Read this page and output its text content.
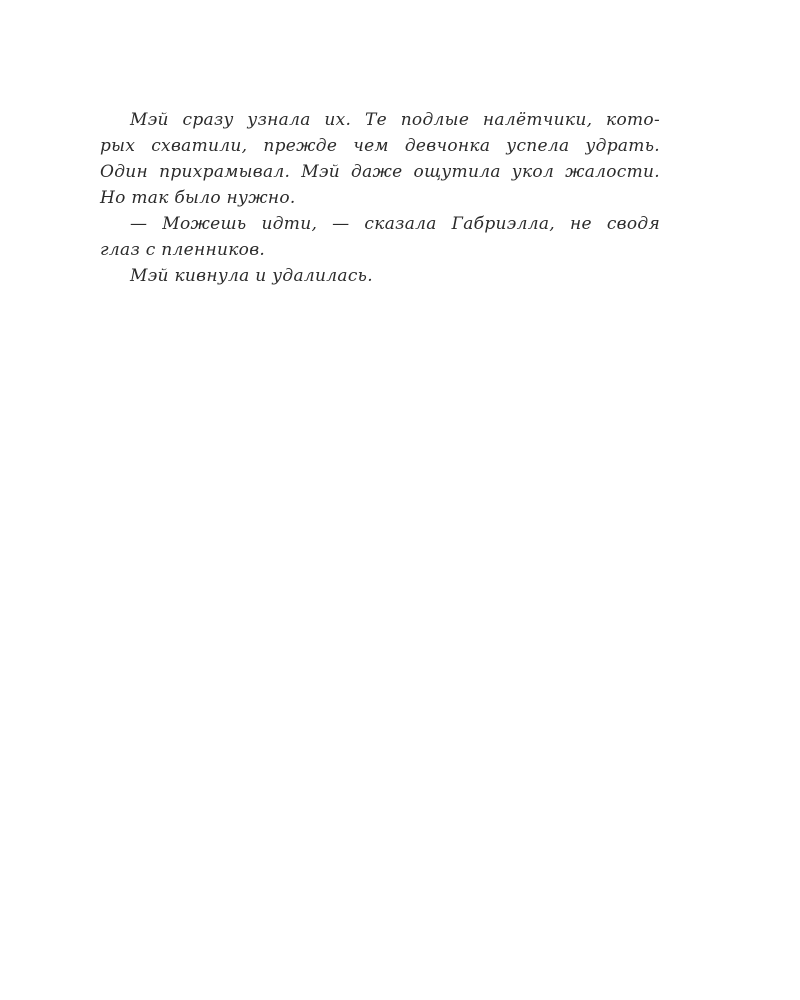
Мэй сразу узнала их. Те подлые налётчики, кото-
рых схватили, прежде чем девчонка успела удрать.
Один прихрамывал. Мэй даже ощутила укол жалости.
Но так было нужно.
— Можешь идти, — сказала Габриэлла, не сводя
глаз с пленников.
Мэй кивнула и удалилась.
